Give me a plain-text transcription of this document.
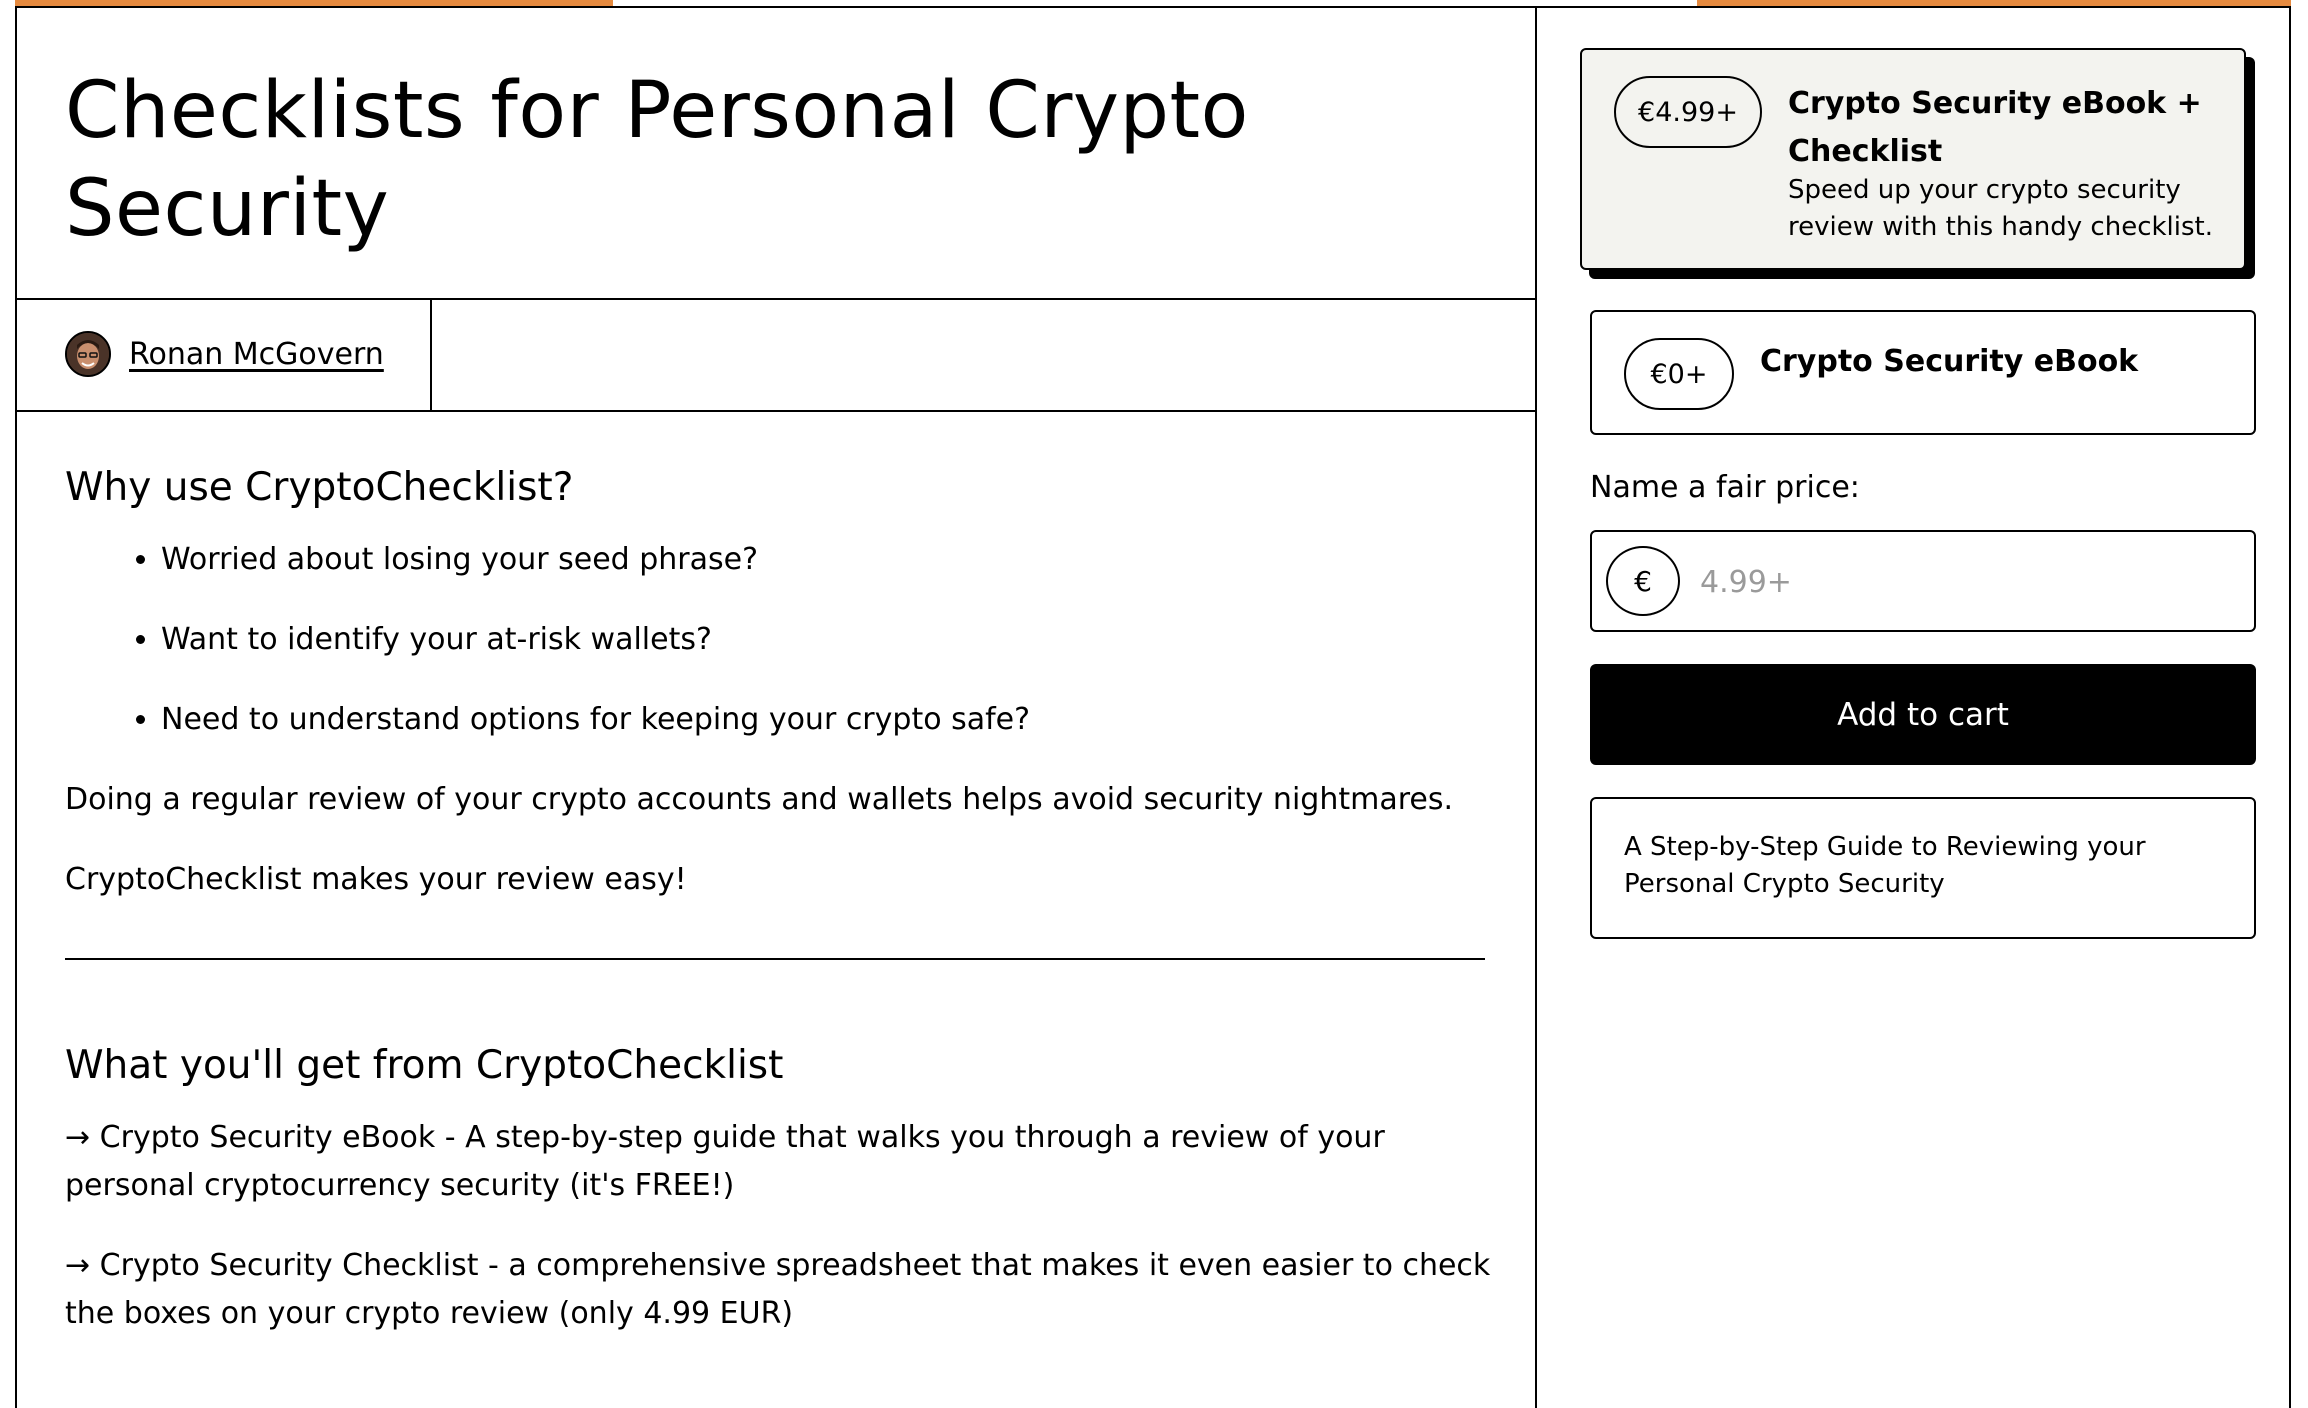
Checklists for Personal Crypto Security
Ronan McGovern
Why use CryptoChecklist?
• Worried about losing your seed phrase?
• Want to identify your at-risk wallets?
• Need to understand options for keeping your crypto safe?

Doing a regular review of your crypto accounts and wallets helps avoid security nightmares.

CryptoChecklist makes your review easy!

What you'll get from CryptoChecklist

→ Crypto Security eBook - A step-by-step guide that walks you through a review of your personal cryptocurrency security (it's FREE!)

→ Crypto Security Checklist - a comprehensive spreadsheet that makes it even easier to check the boxes on your crypto review (only 4.99 EUR)

€4.99+	Crypto Security eBook + Checklist
Speed up your crypto security review with this handy checklist.
€0+	Crypto Security eBook
Name a fair price:
€
4.99+
Add to cart
A Step-by-Step Guide to Reviewing your Personal Crypto Security
